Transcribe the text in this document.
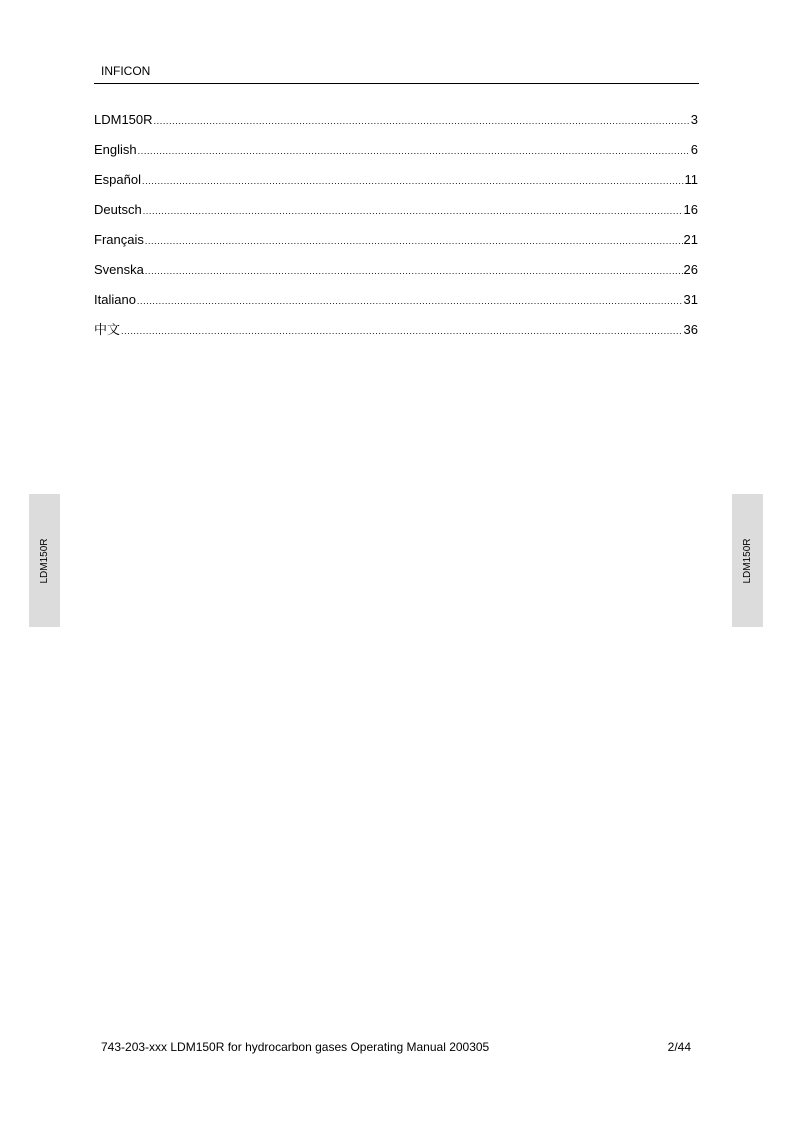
INFICON
LDM150R .....	3
English .....	6
Español .....	11
Deutsch .....	16
Français .....	21
Svenska .....	26
Italiano .....	31
中文 .....	36
LDM150R	LDM150R
743-203-xxx LDM150R for hydrocarbon gases Operating Manual 200305	2/44
